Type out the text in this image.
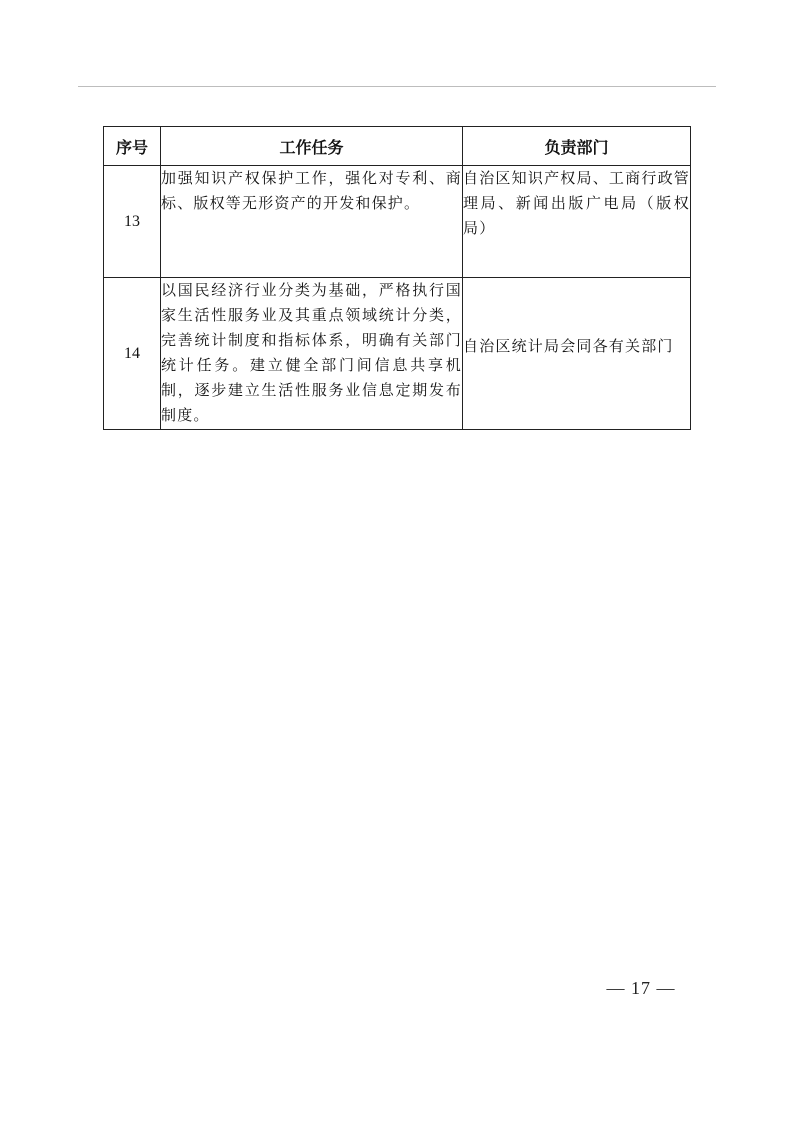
序号	工作任务	负责部门
13	加强知识产权保护工作，强化对专利、商标、版权等无形资产的开发和保护。	自治区知识产权局、工商行政管理局、新闻出版广电局（版权局）
14	以国民经济行业分类为基础，严格执行国家生活性服务业及其重点领域统计分类，完善统计制度和指标体系，明确有关部门统计任务。建立健全部门间信息共享机制，逐步建立生活性服务业信息定期发布制度。	自治区统计局会同各有关部门
— 17 —
